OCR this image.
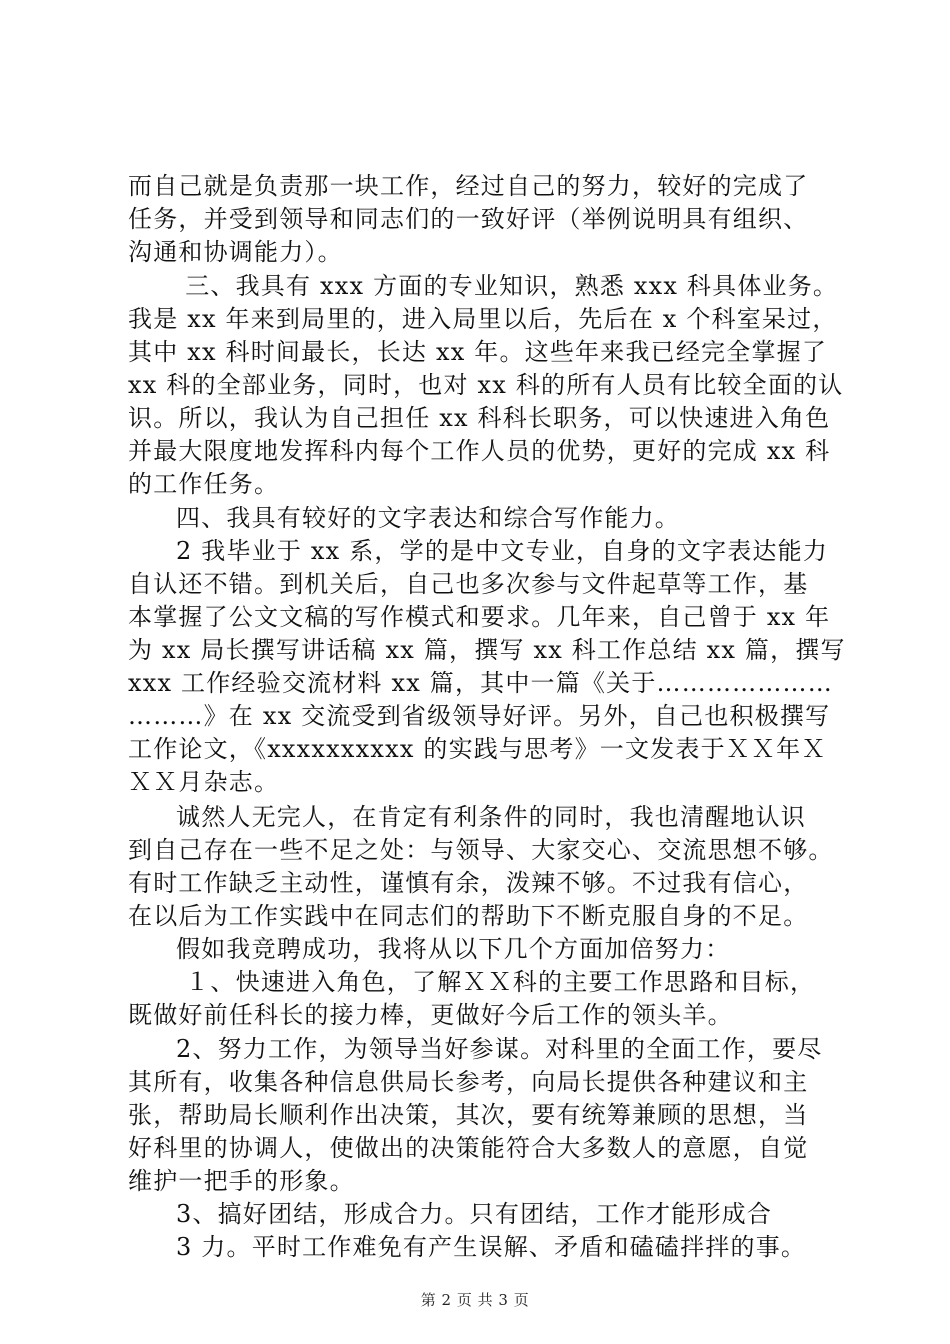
而自己就是负责那一块工作，经过自己的努力，较好的完成了
任务，并受到领导和同志们的一致好评（举例说明具有组织、
沟通和协调能力）。
　三、我具有 xxx 方面的专业知识，熟悉 xxx 科具体业务。
我是 xx 年来到局里的，进入局里以后，先后在 x 个科室呆过，
其中 xx 科时间最长，长达 xx 年。这些年来我已经完全掌握了
xx 科的全部业务，同时，也对 xx 科的所有人员有比较全面的认
识。所以，我认为自己担任 xx 科科长职务，可以快速进入角色
并最大限度地发挥科内每个工作人员的优势，更好的完成 xx 科
的工作任务。
四、我具有较好的文字表达和综合写作能力。
2 我毕业于 xx 系，学的是中文专业，自身的文字表达能力
自认还不错。到机关后，自己也多次参与文件起草等工作，基
本掌握了公文文稿的写作模式和要求。几年来，自己曾于 xx 年
为 xx 局长撰写讲话稿 xx 篇，撰写 xx 科工作总结 xx 篇，撰写
xxx 工作经验交流材料 xx 篇，其中一篇《关于…………………
………》在 xx 交流受到省级领导好评。另外，自己也积极撰写
工作论文，《xxxxxxxxxx 的实践与思考》一文发表于ＸＸ年Ｘ
ＸＸ月杂志。
诚然人无完人，在肯定有利条件的同时，我也清醒地认识
到自己存在一些不足之处：与领导、大家交心、交流思想不够。
有时工作缺乏主动性，谨慎有余，泼辣不够。不过我有信心，
在以后为工作实践中在同志们的帮助下不断克服自身的不足。
假如我竞聘成功，我将从以下几个方面加倍努力：
　１、快速进入角色，了解ＸＸ科的主要工作思路和目标，
既做好前任科长的接力棒，更做好今后工作的领头羊。
2、努力工作，为领导当好参谋。对科里的全面工作，要尽
其所有，收集各种信息供局长参考，向局长提供各种建议和主
张，帮助局长顺利作出决策，其次，要有统筹兼顾的思想，当
好科里的协调人，使做出的决策能符合大多数人的意愿，自觉
维护一把手的形象。
3、搞好团结，形成合力。只有团结，工作才能形成合
3 力。平时工作难免有产生误解、矛盾和磕磕拌拌的事。
第 2 页 共 3 页
